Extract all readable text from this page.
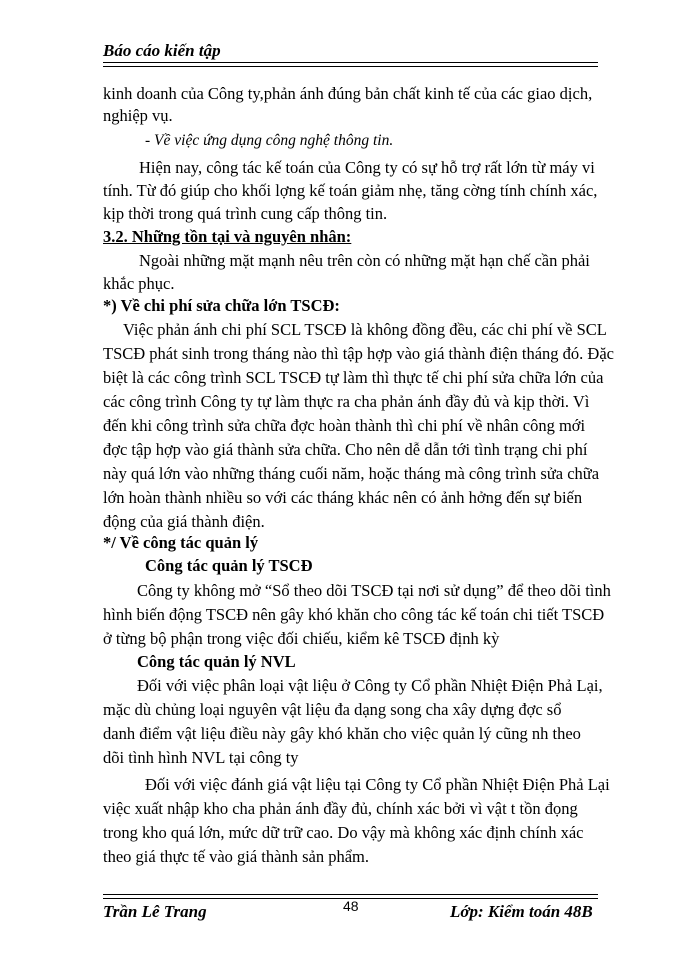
Báo cáo kiến tập
kinh doanh của Công ty,phản ánh đúng bản chất kinh tế của các giao dịch,
nghiệp vụ.
- Về việc ứng dụng công nghệ thông tin.
Hiện nay, công tác kế toán của Công ty có sự hỗ trợ rất lớn từ máy vi
tính. Từ đó giúp cho khối lợng kế toán giảm nhẹ, tăng cờng tính chính xác,
kịp thời trong quá trình cung cấp thông tin.
3.2. Những tồn tại và nguyên nhân:
Ngoài những mặt mạnh nêu trên còn có những mặt hạn chế cần phải
khắc phục.
*) Về chi phí sửa chữa lớn TSCĐ:
Việc phản ánh chi phí SCL TSCĐ là không đồng đều, các chi phí về SCL
TSCĐ phát sinh trong tháng nào thì tập hợp vào giá thành điện tháng đó. Đặc
biệt là các công trình SCL TSCĐ tự làm thì thực tế chi phí sửa chữa lớn của
các công trình Công ty tự làm thực ra cha phản ánh đầy đủ và kịp thời. Vì
đến khi công trình sửa chữa đợc hoàn thành thì chi phí về nhân công mới
đợc tập hợp vào giá thành sửa chữa. Cho nên dễ dẫn tới tình trạng chi phí
này quá lớn vào những tháng cuối năm, hoặc tháng mà công trình sửa chữa
lớn hoàn thành nhiều so với các tháng khác nên có ảnh hởng đến sự biến
động của giá thành điện.
*/ Về công tác quản lý
Công tác quản lý TSCĐ
Công ty không mở “Sổ theo dõi TSCĐ tại nơi sử dụng” để theo dõi tình
hình biến động TSCĐ nên gây khó khăn cho công tác kế toán chi tiết TSCĐ
ở từng bộ phận trong việc đối chiếu, kiểm kê TSCĐ định kỳ
Công tác quản lý NVL
Đối với việc phân loại vật liệu ở Công ty Cổ phần Nhiệt Điện Phả Lại,
mặc dù chủng loại nguyên vật liệu đa dạng song cha xây dựng đợc sổ
danh điểm vật liệu điều này gây khó khăn cho việc quản lý cũng nh theo
dõi tình hình NVL tại công ty
Đối với việc đánh giá vật liệu tại Công ty Cổ phần Nhiệt Điện Phả Lại
việc xuất nhập kho cha phản ánh đầy đủ, chính xác bởi vì vật t tồn đọng
trong kho quá lớn, mức dữ trữ cao. Do vậy mà không xác định chính xác
theo giá thực tế vào giá thành sản phẩm.
Trần Lê Trang	48	Lớp: Kiểm toán 48B
